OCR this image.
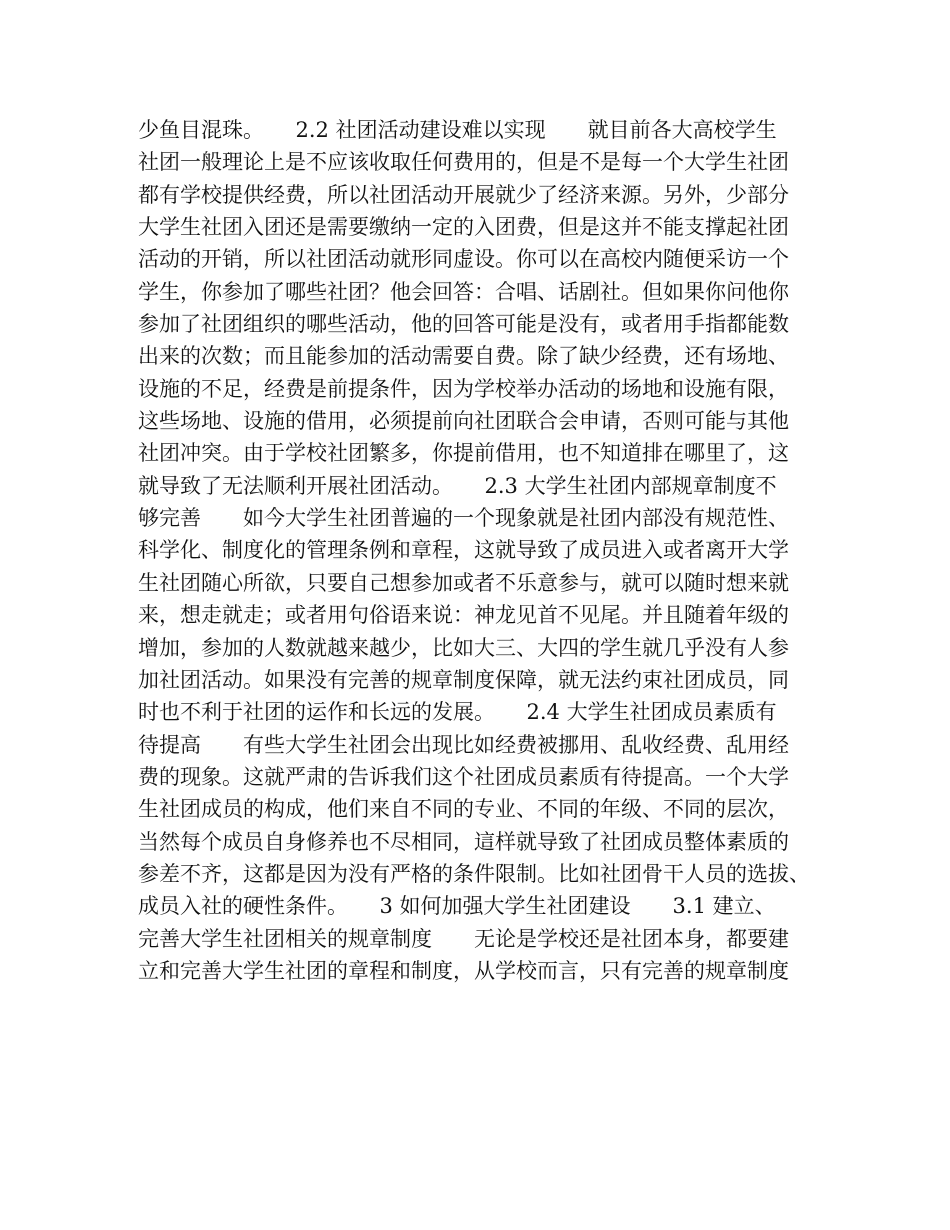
少鱼目混珠。　　2.2 社团活动建设难以实现　　就目前各大高校学生
社团一般理论上是不应该收取任何费用的，但是不是每一个大学生社团
都有学校提供经费，所以社团活动开展就少了经济来源。另外，少部分
大学生社团入团还是需要缴纳一定的入团费，但是这并不能支撑起社团
活动的开销，所以社团活动就形同虚设。你可以在高校内随便采访一个
学生，你参加了哪些社团？他会回答：合唱、话剧社。但如果你问他你
参加了社团组织的哪些活动，他的回答可能是没有，或者用手指都能数
出来的次数；而且能参加的活动需要自费。除了缺少经费，还有场地、
设施的不足，经费是前提条件，因为学校举办活动的场地和设施有限，
这些场地、设施的借用，必须提前向社团联合会申请，否则可能与其他
社团冲突。由于学校社团繁多，你提前借用，也不知道排在哪里了，这
就导致了无法顺利开展社团活动。　　2.3 大学生社团内部规章制度不
够完善　　如今大学生社团普遍的一个现象就是社团内部没有规范性、
科学化、制度化的管理条例和章程，这就导致了成员进入或者离开大学
生社团随心所欲，只要自己想参加或者不乐意参与，就可以随时想来就
来，想走就走；或者用句俗语来说：神龙见首不见尾。并且随着年级的
增加，参加的人数就越来越少，比如大三、大四的学生就几乎没有人参
加社团活动。如果没有完善的规章制度保障，就无法约束社团成员，同
时也不利于社团的运作和长远的发展。　　2.4 大学生社团成员素质有
待提高　　有些大学生社团会出现比如经费被挪用、乱收经费、乱用经
费的现象。这就严肃的告诉我们这个社团成员素质有待提高。一个大学
生社团成员的构成，他们来自不同的专业、不同的年级、不同的层次，
当然每个成员自身修养也不尽相同，這样就导致了社团成员整体素质的
参差不齐，这都是因为没有严格的条件限制。比如社团骨干人员的选拔、
成员入社的硬性条件。　　3 如何加强大学生社团建设　　3.1 建立、
完善大学生社团相关的规章制度　　无论是学校还是社团本身，都要建
立和完善大学生社团的章程和制度，从学校而言，只有完善的规章制度
